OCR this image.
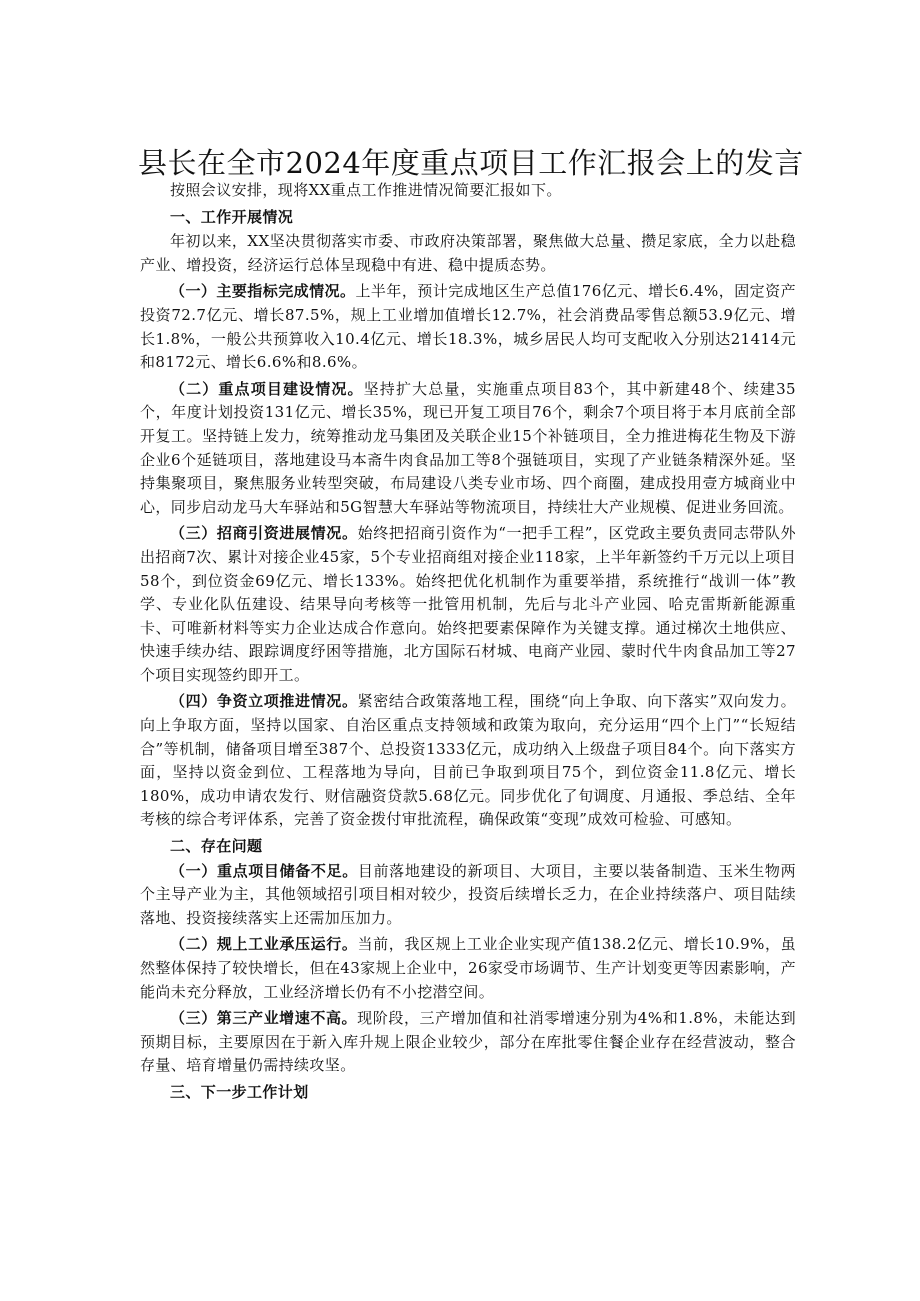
县长在全市2024年度重点项目工作汇报会上的发言

按照会议安排，现将XX重点工作推进情况简要汇报如下。

一、工作开展情况

年初以来，XX坚决贯彻落实市委、市政府决策部署，聚焦做大总量、攒足家底，全力以赴稳产业、增投资，经济运行总体呈现稳中有进、稳中提质态势。

（一）主要指标完成情况。上半年，预计完成地区生产总值176亿元、增长6.4%，固定资产投资72.7亿元、增长87.5%，规上工业增加值增长12.7%，社会消费品零售总额53.9亿元、增长1.8%，一般公共预算收入10.4亿元、增长18.3%，城乡居民人均可支配收入分别达21414元和8172元、增长6.6%和8.6%。

（二）重点项目建设情况。坚持扩大总量，实施重点项目83个，其中新建48个、续建35个，年度计划投资131亿元、增长35%，现已开复工项目76个，剩余7个项目将于本月底前全部开复工。坚持链上发力，统筹推动龙马集团及关联企业15个补链项目，全力推进梅花生物及下游企业6个延链项目，落地建设马本斋牛肉食品加工等8个强链项目，实现了产业链条精深外延。坚持集聚项目，聚焦服务业转型突破，布局建设八类专业市场、四个商圈，建成投用壹方城商业中心，同步启动龙马大车驿站和5G智慧大车驿站等物流项目，持续壮大产业规模、促进业务回流。

（三）招商引资进展情况。始终把招商引资作为“一把手工程”，区党政主要负责同志带队外出招商7次、累计对接企业45家，5个专业招商组对接企业118家，上半年新签约千万元以上项目58个，到位资金69亿元、增长133%。始终把优化机制作为重要举措，系统推行“战训一体”教学、专业化队伍建设、结果导向考核等一批管用机制，先后与北斗产业园、哈克雷斯新能源重卡、可唯新材料等实力企业达成合作意向。始终把要素保障作为关键支撑。通过梯次土地供应、快速手续办结、跟踪调度纾困等措施，北方国际石材城、电商产业园、蒙时代牛肉食品加工等27个项目实现签约即开工。

（四）争资立项推进情况。紧密结合政策落地工程，围绕“向上争取、向下落实”双向发力。向上争取方面，坚持以国家、自治区重点支持领域和政策为取向，充分运用“四个上门”“长短结合”等机制，储备项目增至387个、总投资1333亿元，成功纳入上级盘子项目84个。向下落实方面，坚持以资金到位、工程落地为导向，目前已争取到项目75个，到位资金11.8亿元、增长180%，成功申请农发行、财信融资贷款5.68亿元。同步优化了旬调度、月通报、季总结、全年考核的综合考评体系，完善了资金拨付审批流程，确保政策“变现”成效可检验、可感知。

二、存在问题

（一）重点项目储备不足。目前落地建设的新项目、大项目，主要以装备制造、玉米生物两个主导产业为主，其他领域招引项目相对较少，投资后续增长乏力，在企业持续落户、项目陆续落地、投资接续落实上还需加压加力。

（二）规上工业承压运行。当前，我区规上工业企业实现产值138.2亿元、增长10.9%，虽然整体保持了较快增长，但在43家规上企业中，26家受市场调节、生产计划变更等因素影响，产能尚未充分释放，工业经济增长仍有不小挖潜空间。

（三）第三产业增速不高。现阶段，三产增加值和社消零增速分别为4%和1.8%，未能达到预期目标，主要原因在于新入库升规上限企业较少，部分在库批零住餐企业存在经营波动，整合存量、培育增量仍需持续攻坚。

三、下一步工作计划
